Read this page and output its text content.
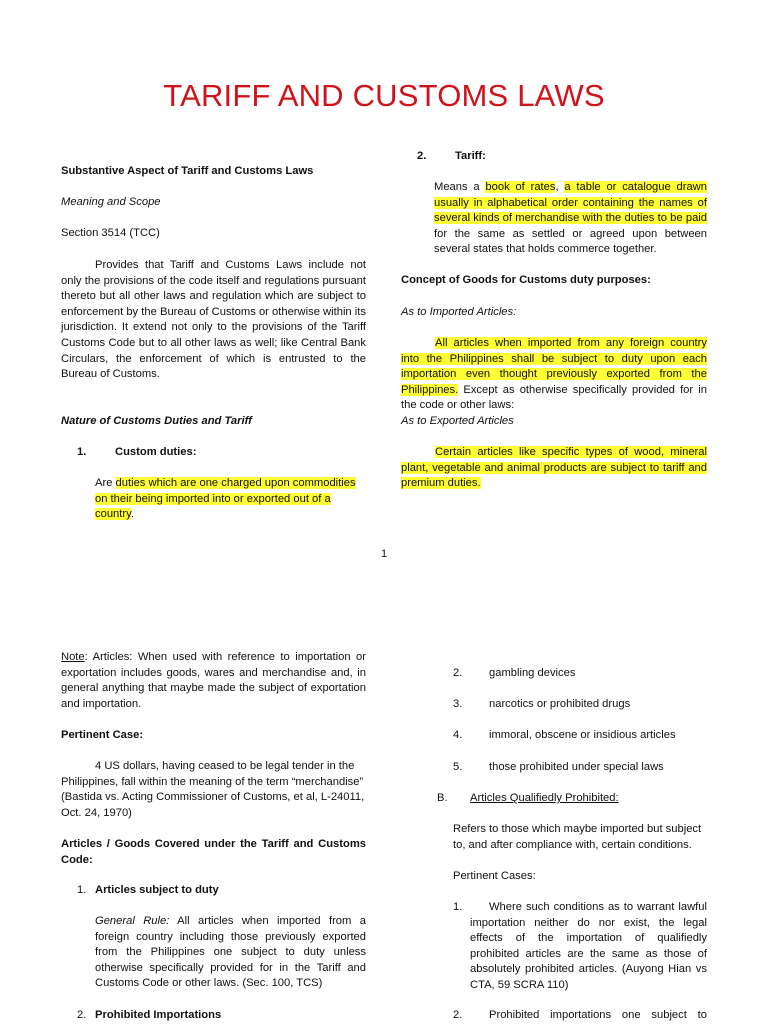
TARIFF AND CUSTOMS LAWS
Substantive Aspect of Tariff and Customs Laws
Meaning and Scope
Section 3514 (TCC)
Provides that Tariff and Customs Laws include not only the provisions of the code itself and regulations pursuant thereto but all other laws and regulation which are subject to enforcement by the Bureau of Customs or otherwise within its jurisdiction. It extend not only to the provisions of the Tariff Customs Code but to all other laws as well; like Central Bank Circulars, the enforcement of which is entrusted to the Bureau of Customs.
Nature of Customs Duties and Tariff
1.	Custom duties:
Are duties which are one charged upon commodities on their being imported into or exported out of a country.
2.	Tariff:
Means a book of rates, a table or catalogue drawn usually in alphabetical order containing the names of several kinds of merchandise with the duties to be paid for the same as settled or agreed upon between several states that holds commerce together.
Concept of Goods for Customs duty purposes:
As to Imported Articles:
All articles when imported from any foreign country into the Philippines shall be subject to duty upon each importation even thought previously exported from the Philippines. Except as otherwise specifically provided for in the code or other laws:
As to Exported Articles
Certain articles like specific types of wood, mineral plant, vegetable and animal products are subject to tariff and premium duties.
1
Note: Articles: When used with reference to importation or exportation includes goods, wares and merchandise and, in general anything that maybe made the subject of exportation and importation.
Pertinent Case:
4 US dollars, having ceased to be legal tender in the Philippines, fall within the meaning of the term “merchandise” (Bastida vs. Acting Commissioner of Customs, et al, L-24011, Oct. 24, 1970)
Articles / Goods Covered under the Tariff and Customs Code:
1. Articles subject to duty
General Rule: All articles when imported from a foreign country including those previously exported from the Philippines one subject to duty unless otherwise specifically provided for in the Tariff and Customs Code or other laws. (Sec. 100, TCS)
2. Prohibited Importations
2. gambling devices
3. narcotics or prohibited drugs
4. immoral, obscene or insidious articles
5. those prohibited under special laws
B. Articles Qualifiedly Prohibited:
Refers to those which maybe imported but subject to, and after compliance with, certain conditions.
Pertinent Cases:
1.	Where such conditions as to warrant lawful importation neither do nor exist, the legal effects of the importation of qualifiedly prohibited articles are the same as those of absolutely prohibited articles. (Auyong Hian vs CTA, 59 SCRA 110)

2.	Prohibited importations one subject to
